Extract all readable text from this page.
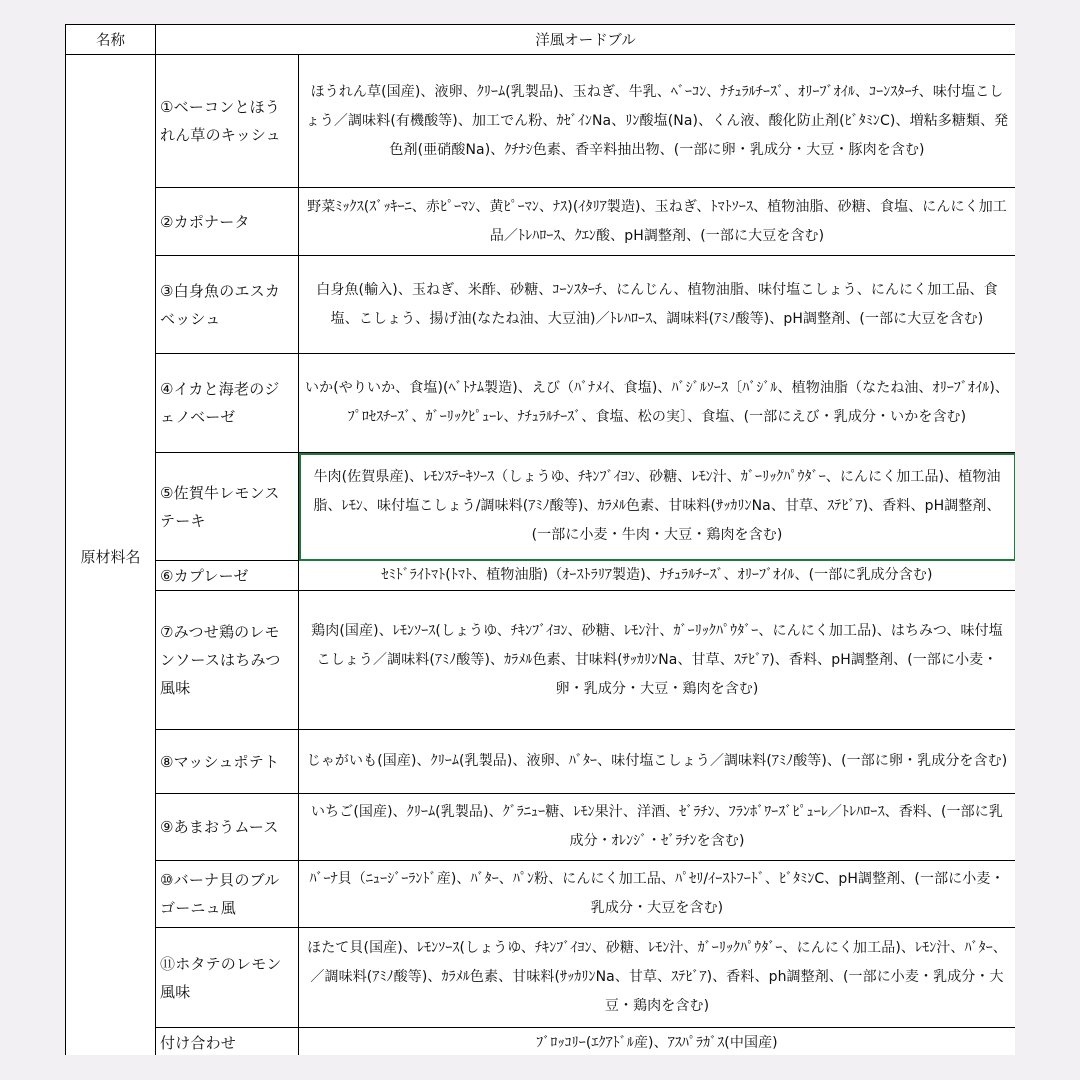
名称	洋風オードブル	
原材料名	①ベーコンとほうれん草のキッシュ	ほうれん草(国産)、液卵、ｸﾘｰﾑ(乳製品)、玉ねぎ、牛乳、ﾍﾞｰｺﾝ、ﾅﾁｭﾗﾙﾁｰｽﾞ、ｵﾘｰﾌﾞｵｲﾙ、ｺｰﾝｽﾀｰﾁ、味付塩こしょう／調味料(有機酸等)、加工でん粉、ｶｾﾞｲﾝNa、ﾘﾝ酸塩(Na)、くん液、酸化防止剤(ﾋﾞﾀﾐﾝC)、増粘多糖類、発色剤(亜硝酸Na)、ｸﾁﾅｼ色素、香辛料抽出物、(一部に卵・乳成分・大豆・豚肉を含む)
	②カポナータ	野菜ﾐｯｸｽ(ｽﾞｯｷｰﾆ、赤ﾋﾟｰﾏﾝ、黄ﾋﾟｰﾏﾝ、ﾅｽ)(ｲﾀﾘｱ製造)、玉ねぎ、ﾄﾏﾄｿｰｽ、植物油脂、砂糖、食塩、にんにく加工品／ﾄﾚﾊﾛｰｽ、ｸｴﾝ酸、pH調整剤、(一部に大豆を含む)
	③白身魚のエスカベッシュ	白身魚(輸入)、玉ねぎ、米酢、砂糖、ｺｰﾝｽﾀｰﾁ、にんじん、植物油脂、味付塩こしょう、にんにく加工品、食塩、こしょう、揚げ油(なたね油、大豆油)／ﾄﾚﾊﾛｰｽ、調味料(ｱﾐﾉ酸等)、pH調整剤、(一部に大豆を含む)
	④イカと海老のジェノベーゼ	いか(やりいか、食塩)(ﾍﾞﾄﾅﾑ製造)、えび（ﾊﾞﾅﾒｲ、食塩)、ﾊﾞｼﾞﾙｿｰｽ〔ﾊﾞｼﾞﾙ、植物油脂（なたね油、ｵﾘｰﾌﾞｵｲﾙ)、ﾌﾟﾛｾｽﾁｰｽﾞ、ｶﾞｰﾘｯｸﾋﾟｭｰﾚ、ﾅﾁｭﾗﾙﾁｰｽﾞ、食塩、松の実〕、食塩、(一部にえび・乳成分・いかを含む)
	⑤佐賀牛レモンステーキ	牛肉(佐賀県産)、ﾚﾓﾝｽﾃｰｷｿｰｽ（しょうゆ、ﾁｷﾝﾌﾞｲﾖﾝ、砂糖、ﾚﾓﾝ汁、ｶﾞｰﾘｯｸﾊﾟｳﾀﾞｰ、にんにく加工品)、植物油脂、ﾚﾓﾝ、味付塩こしょう/調味料(ｱﾐﾉ酸等)、ｶﾗﾒﾙ色素、甘味料(ｻｯｶﾘﾝNa、甘草、ｽﾃﾋﾞｱ)、香料、pH調整剤、(一部に小麦・牛肉・大豆・鶏肉を含む)
	⑥カプレーゼ	ｾﾐﾄﾞﾗｲﾄﾏﾄ(ﾄﾏﾄ、植物油脂)（ｵｰｽﾄﾗﾘｱ製造)、ﾅﾁｭﾗﾙﾁｰｽﾞ、ｵﾘｰﾌﾞｵｲﾙ、(一部に乳成分含む)
	⑦みつせ鶏のレモンソースはちみつ風味	鶏肉(国産)、ﾚﾓﾝｿｰｽ(しょうゆ、ﾁｷﾝﾌﾞｲﾖﾝ、砂糖、ﾚﾓﾝ汁、ｶﾞｰﾘｯｸﾊﾟｳﾀﾞｰ、にんにく加工品)、はちみつ、味付塩こしょう／調味料(ｱﾐﾉ酸等)、ｶﾗﾒﾙ色素、甘味料(ｻｯｶﾘﾝNa、甘草、ｽﾃﾋﾞｱ)、香料、pH調整剤、(一部に小麦・卵・乳成分・大豆・鶏肉を含む)
	⑧マッシュポテト	じゃがいも(国産)、ｸﾘｰﾑ(乳製品)、液卵、ﾊﾞﾀｰ、味付塩こしょう／調味料(ｱﾐﾉ酸等)、(一部に卵・乳成分を含む)
	⑨あまおうムース	いちご(国産)、ｸﾘｰﾑ(乳製品)、ｸﾞﾗﾆｭｰ糖、ﾚﾓﾝ果汁、洋酒、ｾﾞﾗﾁﾝ、ﾌﾗﾝﾎﾞﾜｰｽﾞﾋﾟｭｰﾚ／ﾄﾚﾊﾛｰｽ、香料、(一部に乳成分・ｵﾚﾝｼﾞ・ｾﾞﾗﾁﾝを含む)
	⑩バーナ貝のブルゴーニュ風	ﾊﾞｰﾅ貝（ﾆｭｰｼﾞｰﾗﾝﾄﾞ産)、ﾊﾞﾀｰ、ﾊﾟﾝ粉、にんにく加工品、ﾊﾟｾﾘ/ｲｰｽﾄﾌｰﾄﾞ、ﾋﾞﾀﾐﾝC、pH調整剤、(一部に小麦・乳成分・大豆を含む)
	⑪ホタテのレモン風味	ほたて貝(国産)、ﾚﾓﾝｿｰｽ(しょうゆ、ﾁｷﾝﾌﾞｲﾖﾝ、砂糖、ﾚﾓﾝ汁、ｶﾞｰﾘｯｸﾊﾟｳﾀﾞｰ、にんにく加工品)、ﾚﾓﾝ汁、ﾊﾞﾀｰ、／調味料(ｱﾐﾉ酸等)、ｶﾗﾒﾙ色素、甘味料(ｻｯｶﾘﾝNa、甘草、ｽﾃﾋﾞｱ)、香料、ph調整剤、(一部に小麦・乳成分・大豆・鶏肉を含む)
	付け合わせ	ﾌﾞﾛｯｺﾘｰ(ｴｸｱﾄﾞﾙ産)、ｱｽﾊﾟﾗｶﾞｽ(中国産)
